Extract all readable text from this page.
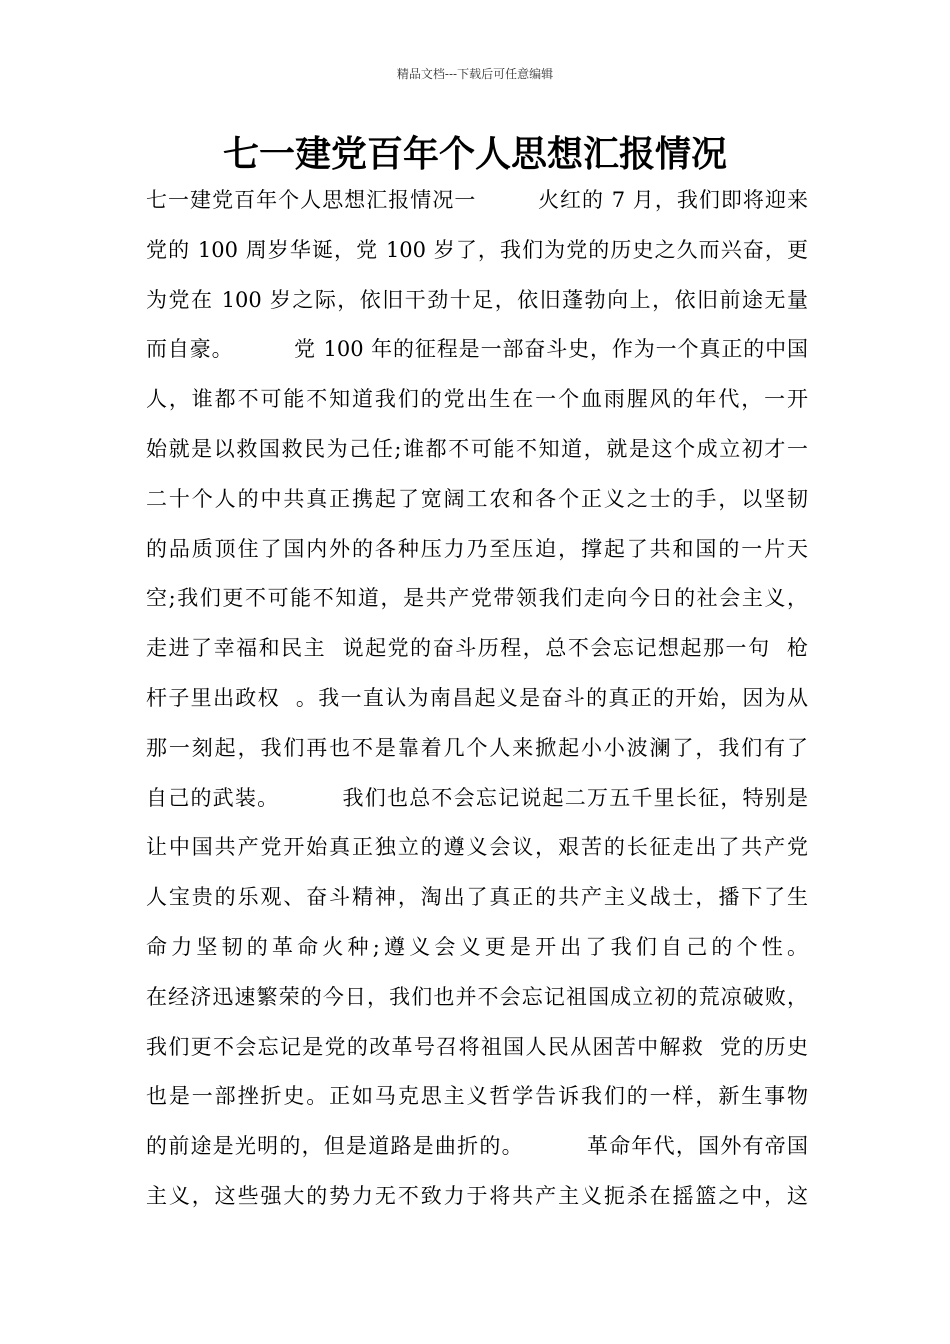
精品文档---下载后可任意编辑
七一建党百年个人思想汇报情况
七一建党百年个人思想汇报情况一        火红的 7 月，我们即将迎来
党的 100 周岁华诞，党 100 岁了，我们为党的历史之久而兴奋，更
为党在 100 岁之际，依旧干劲十足，依旧蓬勃向上，依旧前途无量
而自豪。        党 100 年的征程是一部奋斗史，作为一个真正的中国
人，谁都不可能不知道我们的党出生在一个血雨腥风的年代，一开
始就是以救国救民为己任;谁都不可能不知道，就是这个成立初才一
二十个人的中共真正携起了宽阔工农和各个正义之士的手，以坚韧
的品质顶住了国内外的各种压力乃至压迫，撑起了共和国的一片天
空;我们更不可能不知道，是共产党带领我们走向今日的社会主义，
走进了幸福和民主  说起党的奋斗历程，总不会忘记想起那一句  枪
杆子里出政权  。我一直认为南昌起义是奋斗的真正的开始，因为从
那一刻起，我们再也不是靠着几个人来掀起小小波澜了，我们有了
自己的武装。        我们也总不会忘记说起二万五千里长征，特别是
让中国共产党开始真正独立的遵义会议，艰苦的长征走出了共产党
人宝贵的乐观、奋斗精神，淘出了真正的共产主义战士，播下了生
命力坚韧的革命火种;遵义会义更是开出了我们自己的个性。
在经济迅速繁荣的今日，我们也并不会忘记祖国成立初的荒凉破败，
我们更不会忘记是党的改革号召将祖国人民从困苦中解救  党的历史
也是一部挫折史。正如马克思主义哲学告诉我们的一样，新生事物
的前途是光明的，但是道路是曲折的。        革命年代，国外有帝国
主义，这些强大的势力无不致力于将共产主义扼杀在摇篮之中，这
